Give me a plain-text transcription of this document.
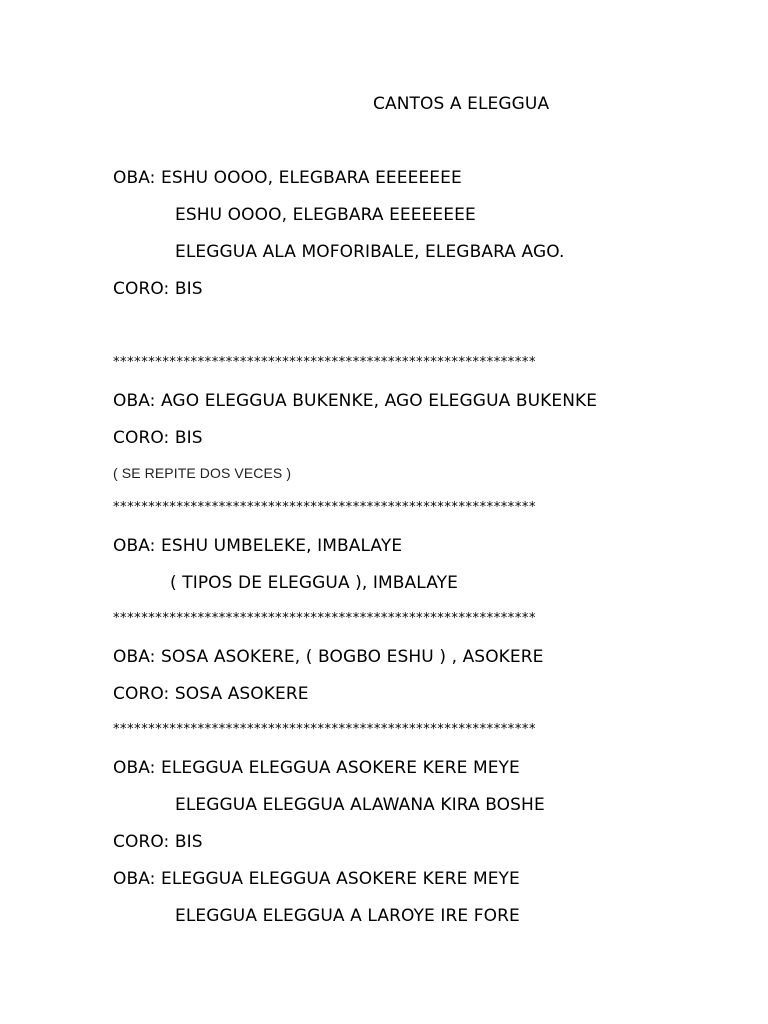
CANTOS A ELEGGUA
OBA: ESHU OOOO, ELEGBARA EEEEEEEE
ESHU OOOO, ELEGBARA EEEEEEEE
ELEGGUA ALA MOFORIBALE, ELEGBARA AGO.
CORO: BIS
************************************************************
OBA: AGO ELEGGUA BUKENKE, AGO ELEGGUA BUKENKE
CORO: BIS
( SE REPITE DOS VECES )
************************************************************
OBA: ESHU UMBELEKE, IMBALAYE
( TIPOS DE ELEGGUA ), IMBALAYE
************************************************************
OBA: SOSA ASOKERE, ( BOGBO ESHU ) , ASOKERE
CORO: SOSA ASOKERE
************************************************************
OBA: ELEGGUA ELEGGUA ASOKERE KERE MEYE
ELEGGUA ELEGGUA ALAWANA KIRA BOSHE
CORO: BIS
OBA: ELEGGUA ELEGGUA ASOKERE KERE MEYE
ELEGGUA ELEGGUA A LAROYE IRE FORE
